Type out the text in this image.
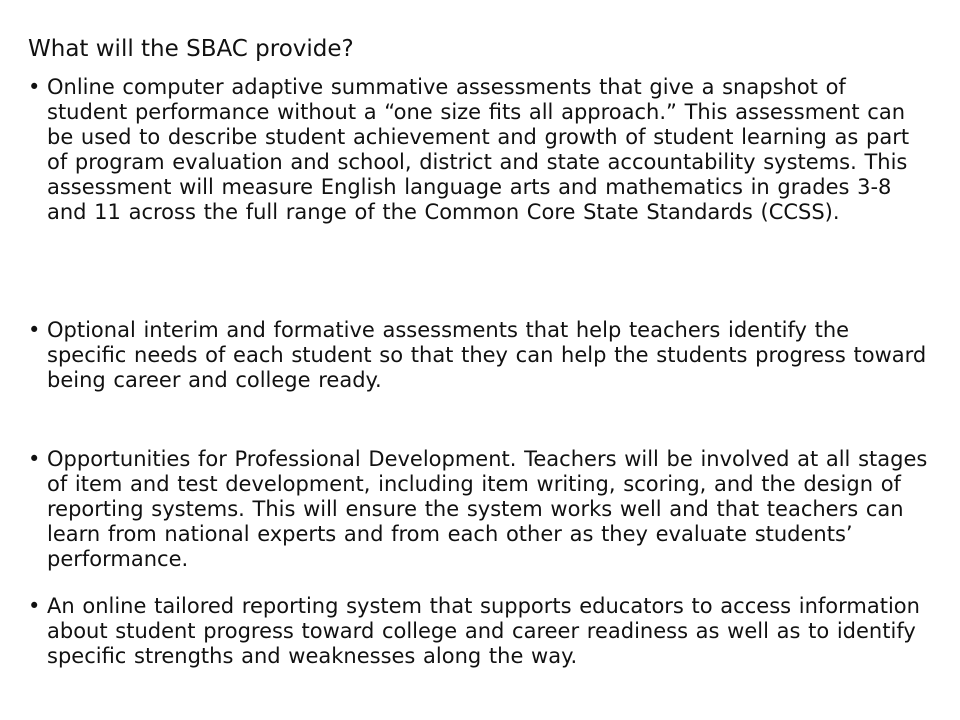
What will the SBAC provide?
• Online computer adaptive summative assessments that give a snapshot of student performance without a “one size fits all approach.” This assessment can be used to describe student achievement and growth of student learning as part of program evaluation and school, district and state accountability systems. This assessment will measure English language arts and mathematics in grades 3-8 and 11 across the full range of the Common Core State Standards (CCSS).
• Optional interim and formative assessments that help teachers identify the specific needs of each student so that they can help the students progress toward being career and college ready.
• Opportunities for Professional Development. Teachers will be involved at all stages of item and test development, including item writing, scoring, and the design of reporting systems. This will ensure the system works well and that teachers can learn from national experts and from each other as they evaluate students’ performance.
• An online tailored reporting system that supports educators to access information about student progress toward college and career readiness as well as to identify specific strengths and weaknesses along the way.
